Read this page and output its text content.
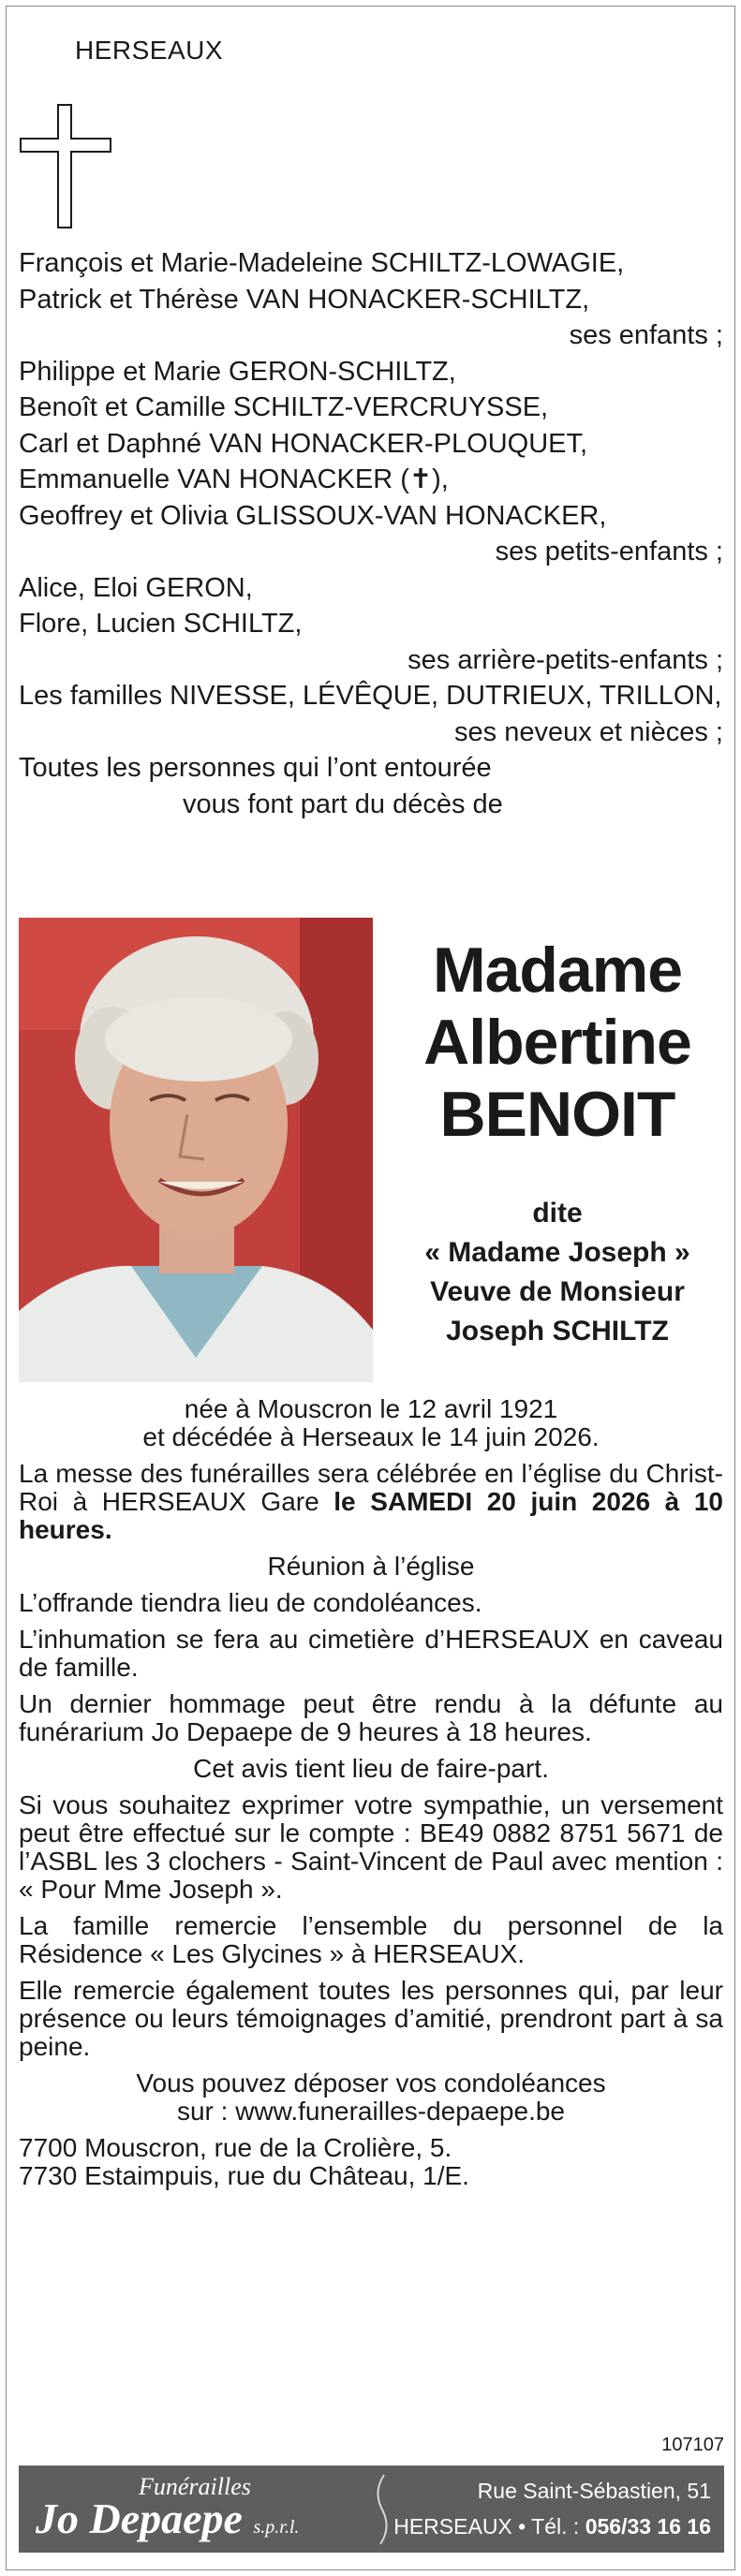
HERSEAUX
François et Marie-Madeleine SCHILTZ-LOWAGIE,
Patrick et Thérèse VAN HONACKER-SCHILTZ,
ses enfants ;
Philippe et Marie GERON-SCHILTZ,
Benoît et Camille SCHILTZ-VERCRUYSSE,
Carl et Daphné VAN HONACKER-PLOUQUET,
Emmanuelle VAN HONACKER (✝),
Geoffrey et Olivia GLISSOUX-VAN HONACKER,
ses petits-enfants ;
Alice, Eloi GERON,
Flore, Lucien SCHILTZ,
ses arrière-petits-enfants ;
Les familles NIVESSE, LÉVÊQUE, DUTRIEUX, TRILLON,
ses neveux et nièces ;
Toutes les personnes qui l’ont entourée
vous font part du décès de
Madame
Albertine
BENOIT
dite
« Madame Joseph »
Veuve de Monsieur
Joseph SCHILTZ

née à Mouscron le 12 avril 1921

et décédée à Herseaux le 14 juin 2026.

La messe des funérailles sera célébrée en l’église du Christ-Roi à HERSEAUX Gare le SAMEDI 20 juin 2026 à 10 heures.

Réunion à l’église

L’offrande tiendra lieu de condoléances.

L’inhumation se fera au cimetière d’HERSEAUX en caveau de famille.

Un dernier hommage peut être rendu à la défunte au funérarium Jo Depaepe de 9 heures à 18 heures.

Cet avis tient lieu de faire-part.

Si vous souhaitez exprimer votre sympathie, un versement peut être effectué sur le compte : BE49 0882 8751 5671 de l’ASBL les 3 clochers - Saint-Vincent de Paul avec mention : « Pour Mme Joseph ».

La famille remercie l’ensemble du personnel de la Résidence « Les Glycines » à HERSEAUX.

Elle remercie également toutes les personnes qui, par leur présence ou leurs témoignages d’amitié, prendront part à sa peine.

Vous pouvez déposer vos condoléances

sur : www.funerailles-depaepe.be

7700 Mouscron, rue de la Crolière, 5.

7730 Estaimpuis, rue du Château, 1/E.

107107
Funérailles
Jo Depaepe s.p.r.l.
Rue Saint-Sébastien, 51
HERSEAUX • Tél. : 056/33 16 16
